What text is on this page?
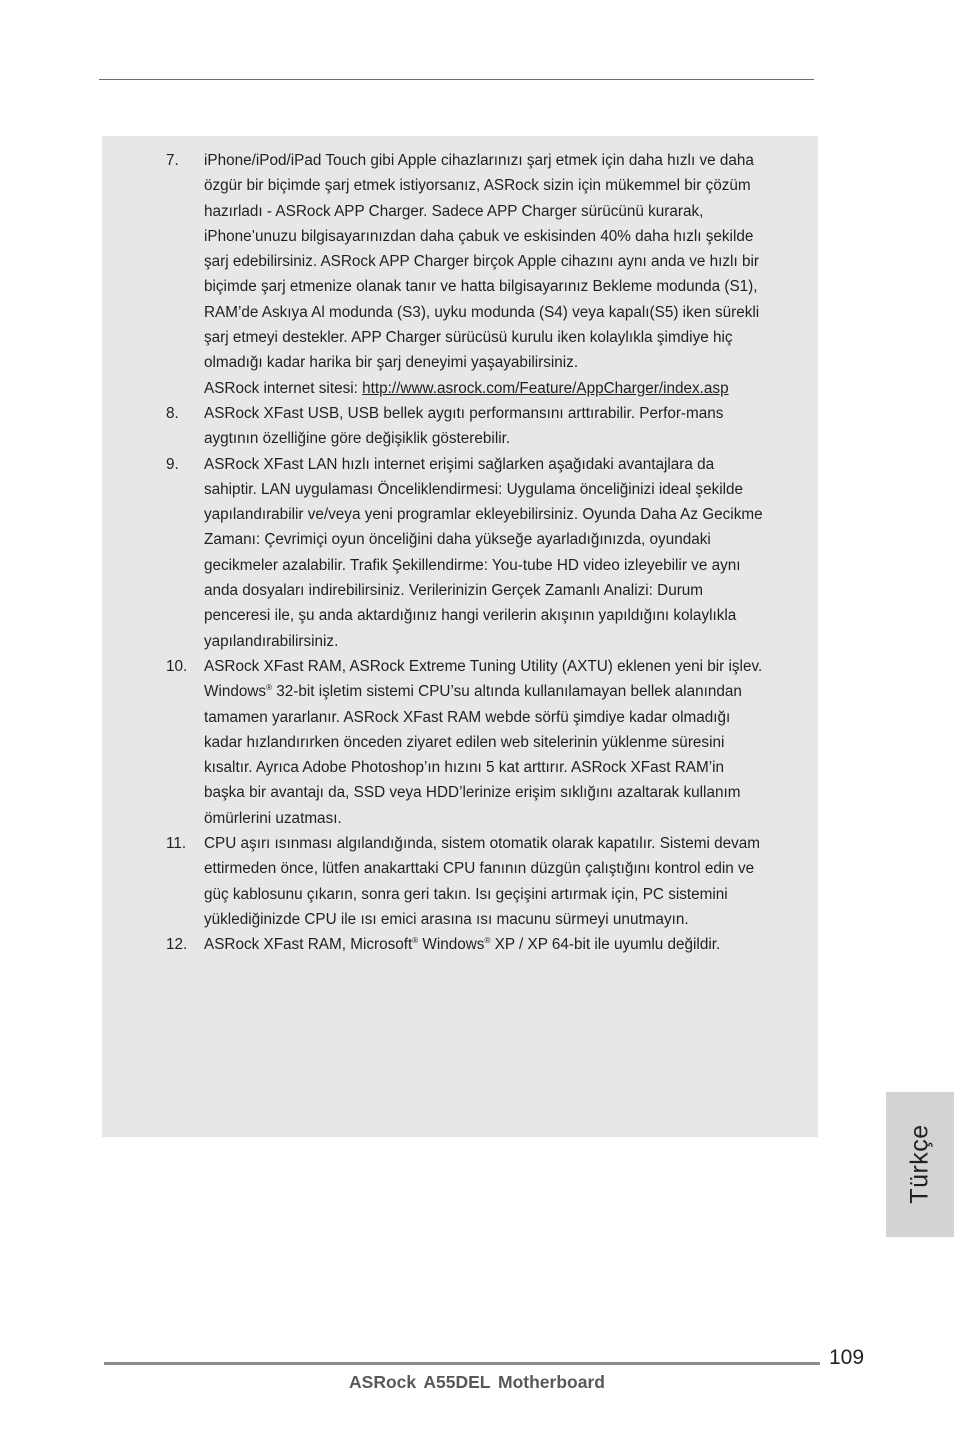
7.	iPhone/iPod/iPad Touch gibi Apple cihazlarınızı şarj etmek için daha hızlı ve daha özgür bir biçimde şarj etmek istiyorsanız, ASRock sizin için mükemmel bir çözüm hazırladı - ASRock APP Charger. Sadece APP Charger sürücünü kurarak, iPhone’unuzu bilgisayarınızdan daha çabuk ve eskisinden 40% daha hızlı şekilde şarj edebilirsiniz. ASRock APP Charger birçok Apple cihazını aynı anda ve hızlı bir biçimde şarj etmenize olanak tanır ve hatta bilgisayarınız Bekleme modunda (S1), RAM’de Askıya Al modunda (S3), uyku modunda (S4) veya kapalı(S5) iken sürekli şarj etmeyi destekler. APP Charger sürücüsü kurulu iken kolaylıkla şimdiye hiç olmadığı kadar harika bir şarj deneyimi yaşayabilirsiniz.
ASRock internet sitesi: http://www.asrock.com/Feature/AppCharger/index.asp
8.	ASRock XFast USB, USB bellek aygıtı performansını arttırabilir. Perfor-mans aygtının özelliğine göre değişiklik gösterebilir.
9.	ASRock XFast LAN hızlı internet erişimi sağlarken aşağıdaki avantajlara da sahiptir. LAN uygulaması Önceliklendirmesi: Uygulama önceliğinizi ideal şekilde yapılandırabilir ve/veya yeni programlar ekleyebilirsiniz. Oyunda Daha Az Gecikme Zamanı: Çevrimiçi oyun önceliğini daha yükseğe ayarladığınızda, oyundaki gecikmeler azalabilir. Trafik Şekillendirme: You-tube HD video izleyebilir ve aynı anda dosyaları indirebilirsiniz. Verilerinizin Gerçek Zamanlı Analizi: Durum penceresi ile, şu anda aktardığınız hangi verilerin akışının yapıldığını kolaylıkla yapılandırabilirsiniz.
10.	ASRock XFast RAM, ASRock Extreme Tuning Utility (AXTU) eklenen yeni bir işlev. Windows® 32-bit işletim sistemi CPU’su altında kullanılamayan bellek alanından tamamen yararlanır. ASRock XFast RAM webde sörfü şimdiye kadar olmadığı kadar hızlandırırken önceden ziyaret edilen web sitelerinin yüklenme süresini kısaltır. Ayrıca Adobe Photoshop’ın hızını 5 kat arttırır. ASRock XFast RAM’in başka bir avantajı da, SSD veya HDD’lerinize erişim sıklığını azaltarak kullanım ömürlerini uzatması.
11.	CPU aşırı ısınması algılandığında, sistem otomatik olarak kapatılır. Sistemi devam ettirmeden önce, lütfen anakarttaki CPU fanının düzgün çalıştığını kontrol edin ve güç kablosunu çıkarın, sonra geri takın. Isı geçişini artırmak için, PC sistemini yüklediğinizde CPU ile ısı emici arasına ısı macunu sürmeyi unutmayın.
12.	ASRock XFast RAM, Microsoft® Windows® XP / XP 64-bit ile uyumlu değildir.
Türkçe
109
ASRock A55DEL Motherboard
